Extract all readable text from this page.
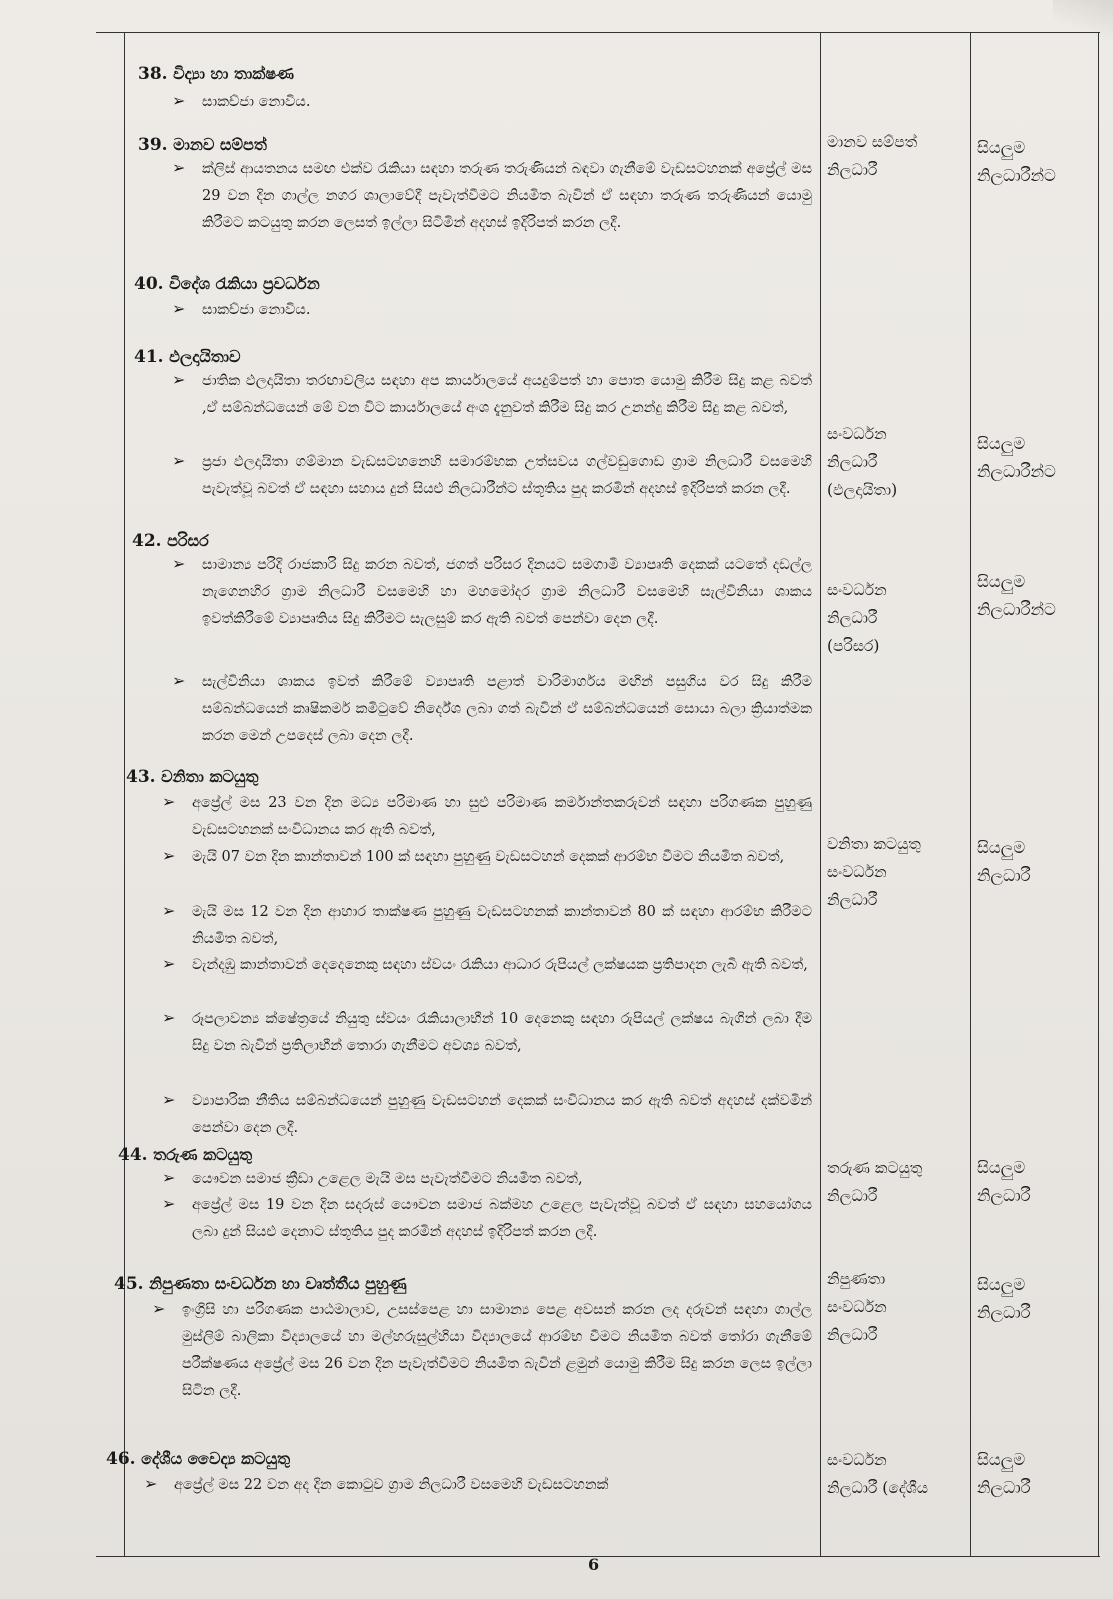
38. විද්‍යා හා තාක්ෂණ
➢ සාකච්ජා නොවිය.
39. මානව සම්පත්
➢ ක්ලිස් ආයතනය සමඟ එක්ව රැකියා සඳහා තරුණ තරුණියන් බඳවා ගැනීමේ වැඩසටහනක් අප්‍රේල් මස 29 වන දින ගාල්ල නගර ශාලාවේදී පැවැත්වීමට නියමිත බැවින් ඒ සඳහා තරුණ තරුණියන් යොමු කිරීමට කටයුතු කරන ලෙසත් ඉල්ලා සිටිමින් අදහස් ඉදිරිපත් කරන ලදී.
මානව සම්පත්
නිලධාරී
සියලුම
නිලධාරීන්ට
40. විදේශ රැකියා ප්‍රවර්ධන
➢ සාකච්ජා නොවිය.
41. ඵලදායිතාව
➢ ජාතික ඵලදායිතා තරඟාවලිය සඳහා අප කාර්යාලයේ අයදුම්පත් හා පොත යොමු කිරීම සිදු කළ බවත් ,ඒ සම්බන්ධයෙන් මේ වන විට කාර්යාලයේ අංශ දැනුවත් කිරීම සිදු කර උනන්දු කිරීම සිදු කළ බවත්,
➢ ප්‍රජා ඵලදායිතා ගම්මාන වැඩසටහනෙහි සමාරම්භක උත්සවය ගල්වඩුගොඩ ග්‍රාම නිලධාරී වසමෙහි පැවැත්වූ බවත් ඒ සඳහා සහාය දුන් සියළු නිලධාරීන්ට ස්තූතිය පුද කරමින් අදහස් ඉදිරිපත් කරන ලදී.
සංවර්ධන
නිලධාරී
(ඵලදායිතා)
සියලුම
නිලධාරීන්ට
42. පරිසර
➢ සාමාන්‍ය පරිදි රාජකාරි සිදු කරන බවත්, ජගත් පරිසර දිනයට සමගාමී ව්‍යාපෘති දෙකක් යටතේ දඩල්ල නැගෙනහිර ග්‍රාම නිලධාරී වසමෙහි හා මහමෝදර ග්‍රාම නිලධාරී වසමෙහි සැල්විනියා ශාකය ඉවත්කිරීමේ ව්‍යාපෘතිය සිදු කිරීමට සැලසුම් කර ඇති බවත් පෙන්වා දෙන ලදී.
➢ සැල්විනියා ශාකය ඉවත් කිරීමේ ව්‍යාපෘති පළාත් වාරිමාර්ගය මඟින් පසුගිය වර සිදු කිරීම සම්බන්ධයෙන් කෘෂිකර්ම කමිටුවේ නිර්දේශ ලබා ගත් බැවින් ඒ සම්බන්ධයෙන් සොයා බලා ක්‍රියාත්මක කරන මෙන් උපදෙස් ලබා දෙන ලදී.
සංවර්ධන
නිලධාරී
(පරිසර)
සියලුම
නිලධාරීන්ට
43. වනිතා කටයුතු
➢ අප්‍රේල් මස 23 වන දින මධ්‍ය පරිමාණ හා සුළු පරිමාණ කර්මාන්තකරුවන් සඳහා පරිගණක පුහුණු වැඩසටහනක් සංවිධානය කර ඇති බවත්,
➢ මැයි 07 වන දින කාන්තාවන් 100 ක් සඳහා පුහුණු වැඩසටහන් දෙකක් ආරම්භ වීමට නියමිත බවත්,
➢ මැයි මස 12 වන දින ආහාර තාක්ෂණ පුහුණු වැඩසටහනක් කාන්තාවන් 80 ක් සඳහා ආරම්භ කිරීමට නියමිත බවත්,
➢ වැන්දඹු කාන්තාවන් දෙදෙනෙකු සඳහා ස්වයං රැකියා ආධාර රුපියල් ලක්ෂයක ප්‍රතිපාදන ලැබී ඇති බවත්,
➢ රූපලාවන්‍ය ක්ෂේත්‍රයේ නියුතු ස්වයං රැකියාලාභීන් 10 දෙනෙකු සඳහා රුපියල් ලක්ෂය බැගින් ලබා දීම සිදු වන බැවින් ප්‍රතිලාභීන් තොරා ගැනීමට අවශ්‍ය බවත්,
➢ ව්‍යාපාරික නීතිය සම්බන්ධයෙන් පුහුණු වැඩසටහන් දෙකක් සංවිධානය කර ඇති බවත් අදහස් දක්වමින් පෙන්වා දෙන ලදී.
වනිතා කටයුතු
සංවර්ධන
නිලධාරී
සියලුම
නිලධාරී
44. තරුණ කටයුතු
➢ යෞවන සමාජ ක්‍රීඩා උළෙල මැයි මස පැවැත්වීමට නියමිත බවත්,
➢ අප්‍රේල් මස 19 වන දින සදරුස් යෞවන සමාජ බක්මහ උළෙල පැවැත්වූ බවත් ඒ සඳහා සහයෝගය ලබා දුන් සියළු දෙනාට ස්තූතිය පුද කරමින් අදහස් ඉදිරිපත් කරන ලදී.
තරුණ කටයුතු
නිලධාරී
සියලුම
නිලධාරී
45. නිපුණතා සංවර්ධන හා වෘත්තීය පුහුණු
➢ ඉංග්‍රිසි හා පරිගණක පාඨමාලාව, උසස්පෙළ හා සාමාන්‍ය පෙළ අවසන් කරන ලද දරුවන් සඳහා ගාල්ල මුස්ලිම් බාලිකා විද්‍යාලයේ හා මල්හරුසුල්හියා විද්‍යාලයේ ආරම්භ වීමට නියමිත බවත් තෝරා ගැනීමේ පරීක්ෂණය අප්‍රේල් මස 26 වන දින පැවැත්වීමට නියමිත බැවින් ළමුන් යොමු කිරීම සිදු කරන ලෙස ඉල්ලා සිටින ලදී.
නිපුණතා
සංවර්ධන
නිලධාරී
සියලුම
නිලධාරී
46. දේශීය වෛද්‍ය කටයුතු
➢ අප්‍රේල් මස 22 වන අද දින කොටුව ග්‍රාම නිලධාරී වසමෙහි වැඩසටහනක්
සංවර්ධන
නිලධාරී (දේශීය
සියලුම
නිලධාරී
6
